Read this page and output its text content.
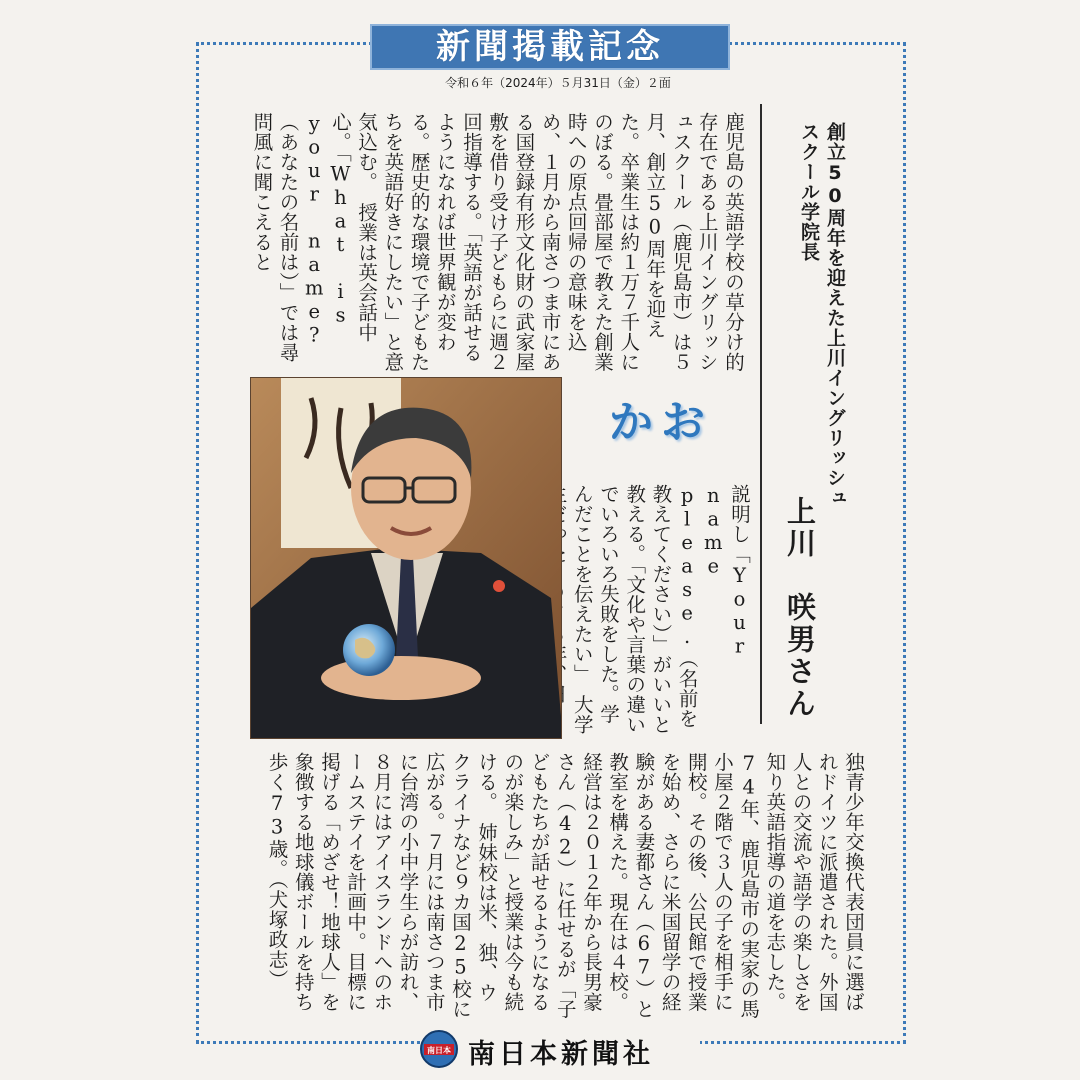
新聞掲載記念
令和６年（2024年）５月31日（金）２面
創立50周年を迎えた上川イングリッシュスクール学院長
上川　咲男さん
かお
鹿児島の英語学校の草分け的存在である上川イングリッシュスクール（鹿児島市）は５月、創立50周年を迎えた。卒業生は約１万７千人にのぼる。畳部屋で教えた創業時への原点回帰の意味を込め、１月から南さつま市にある国登録有形文化財の武家屋敷を借り受け子どもらに週２回指導する。「英語が話せるようになれば世界観が変わる。歴史的な環境で子どもたちを英語好きにしたい」と意気込む。　授業は英会話中心。「What is your name?（あなたの名前は）」では尋問風に聞こえると
説明し「Your name please.（名前を教えてください）」がいいと教える。「文化や言葉の違いでいろいろ失敗をした。学んだことを伝えたい」　大学
独青少年交換代表団員に選ばれドイツに派遣された。外国人との交流や語学の楽しさを知り英語指導の道を志した。74年、鹿児島市の実家の馬小屋２階で３人の子を相手に開校。その後、公民館で授業を始め、さらに米国留学の経験がある妻都さん（67）と教室を構えた。現在は４校。経営は２０１２年から長男豪さん（42）に任せるが「子どもたちが話せるようになるのが楽しみ」と授業は今も続ける。　姉妹校は米、独、ウクライナなど９カ国25校に広がる。７月には南さつま市に台湾の小中学生らが訪れ、８月にはアイスランドへのホームステイを計画中。目標に掲げる「めざせ！地球人」を象徴する地球儀ボールを持ち歩く73歳。（犬塚政志）
南日本 南日本新聞社
